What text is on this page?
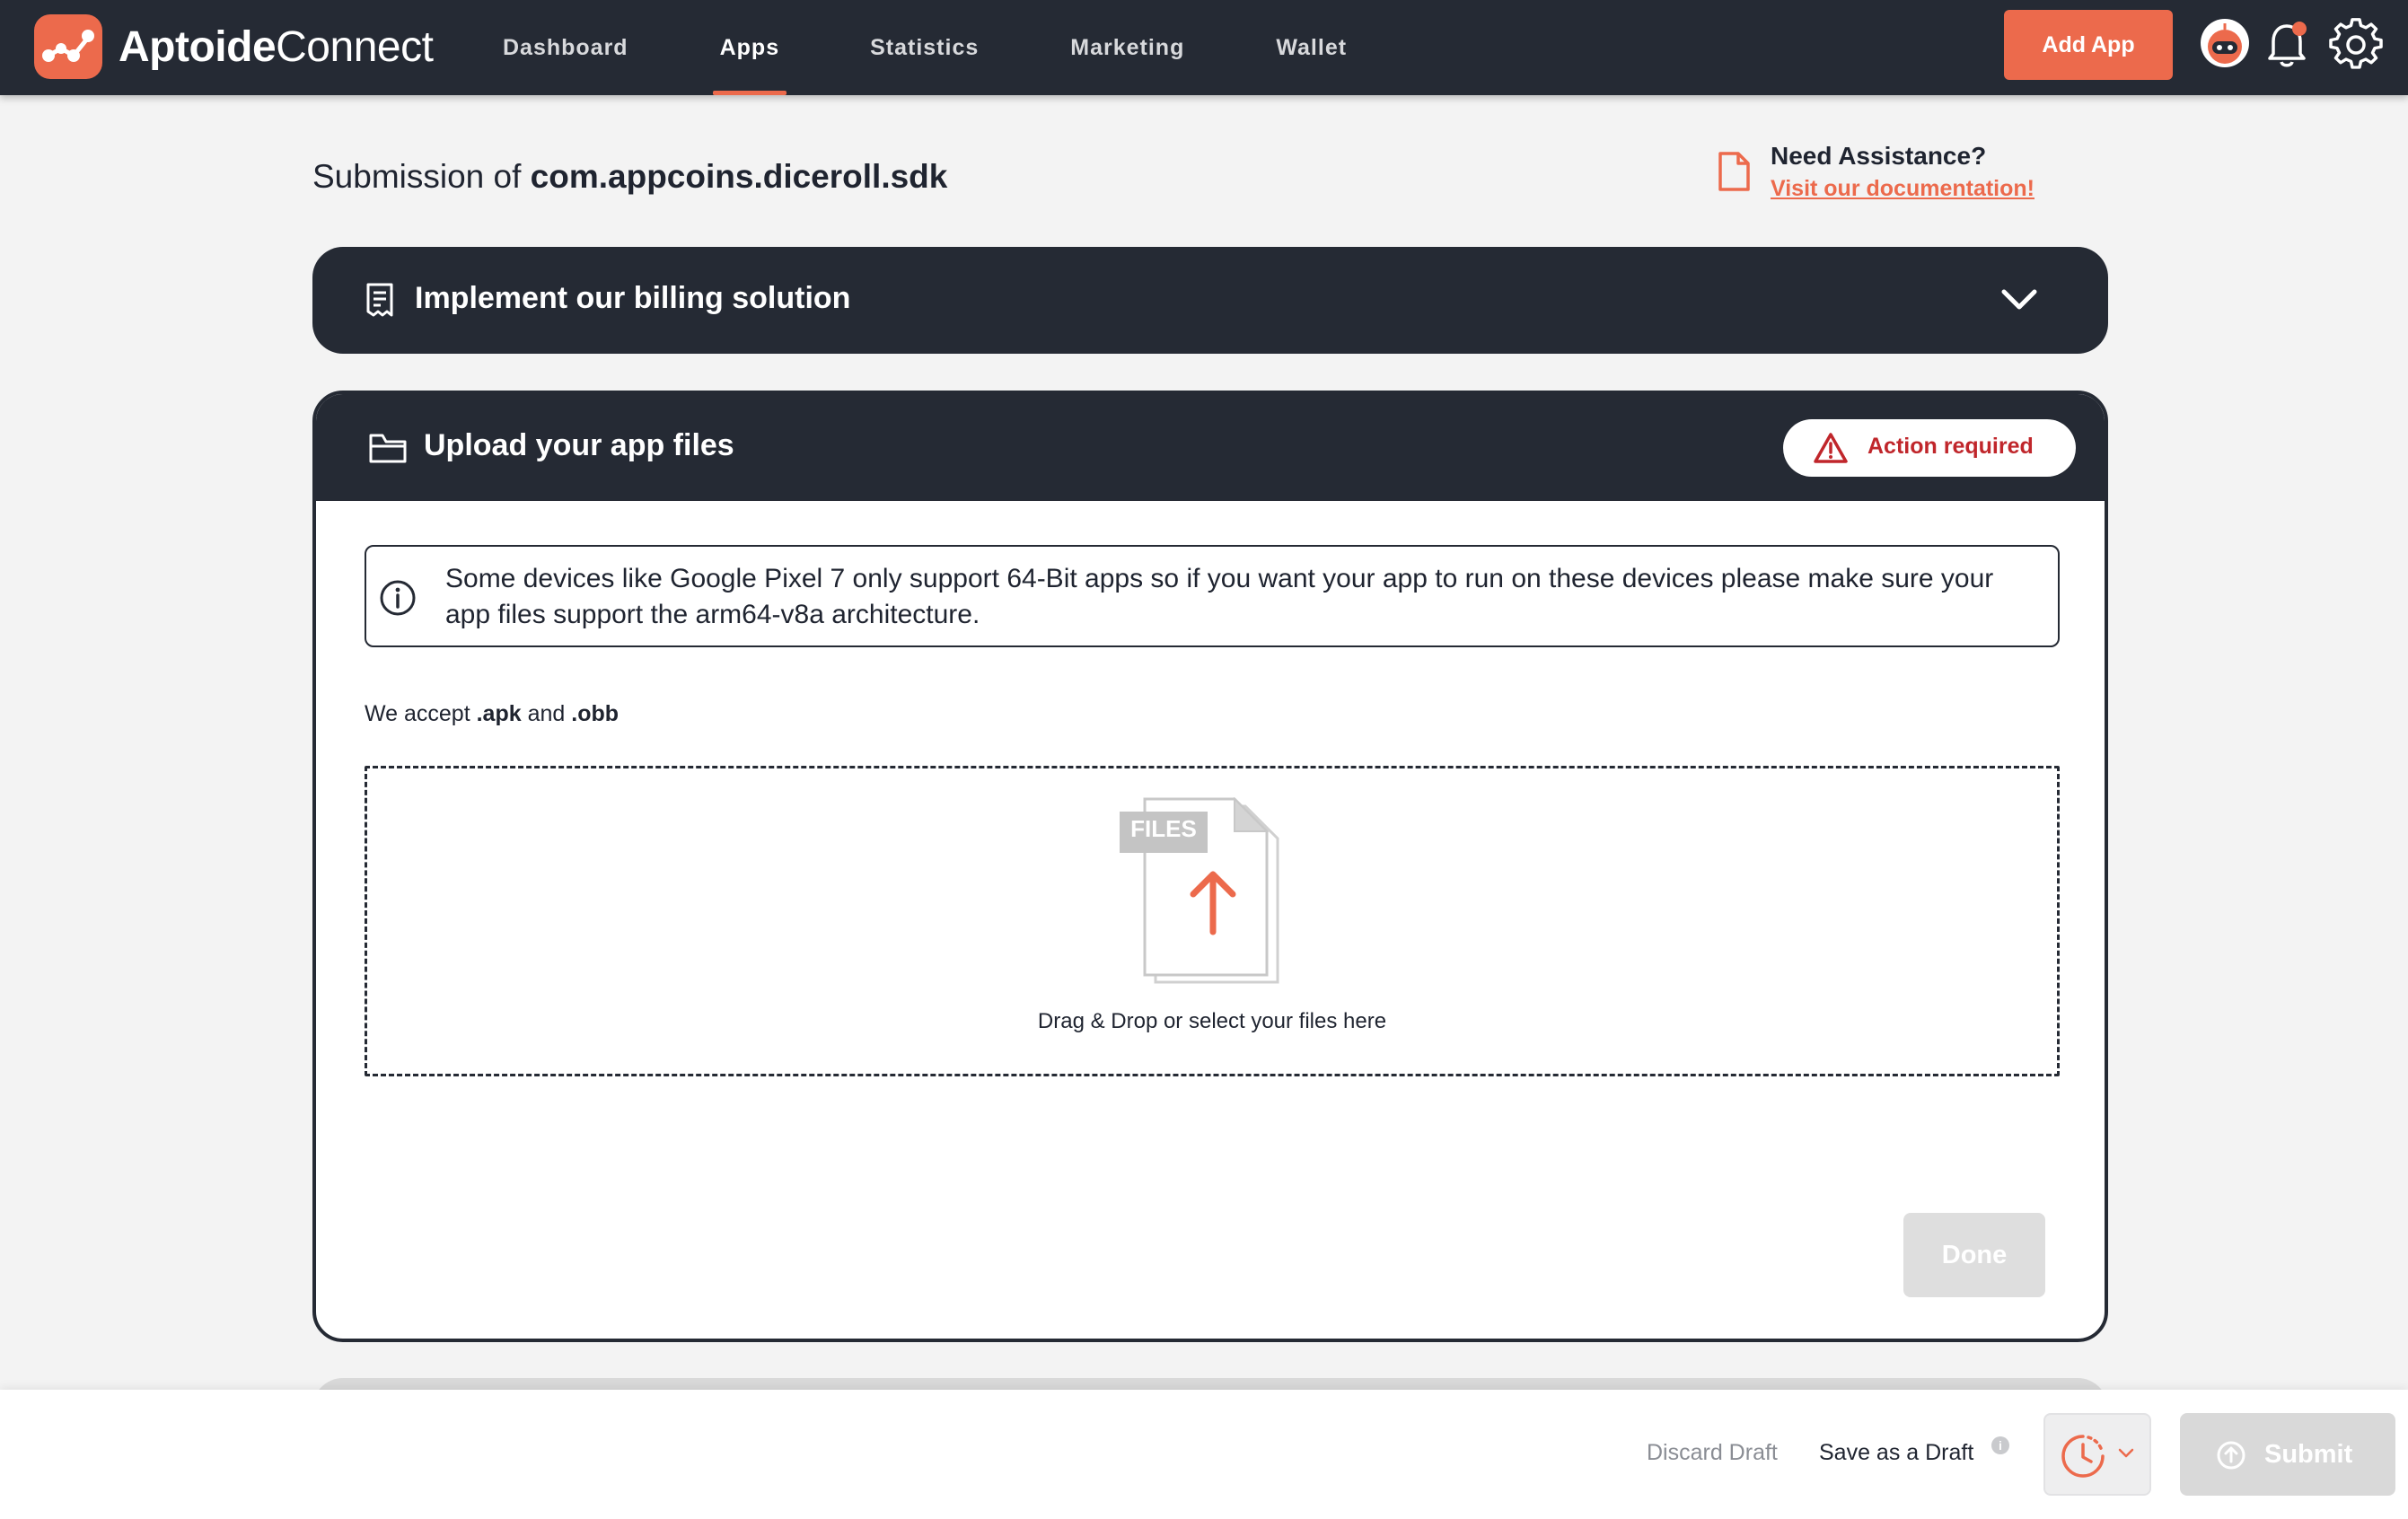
AptoideConnect	Dashboard	Apps	Statistics	Marketing	Wallet	Add App
Submission of com.appcoins.diceroll.sdk
Need Assistance?
Visit our documentation!
Implement our billing solution
Upload your app files	Action required
Some devices like Google Pixel 7 only support 64-Bit apps so if you want your app to run on these devices please make sure your app files support the arm64-v8a architecture.
We accept .apk and .obb
FILES
Drag & Drop or select your files here
Done
Discard Draft Save as a Draft	i	Submit
